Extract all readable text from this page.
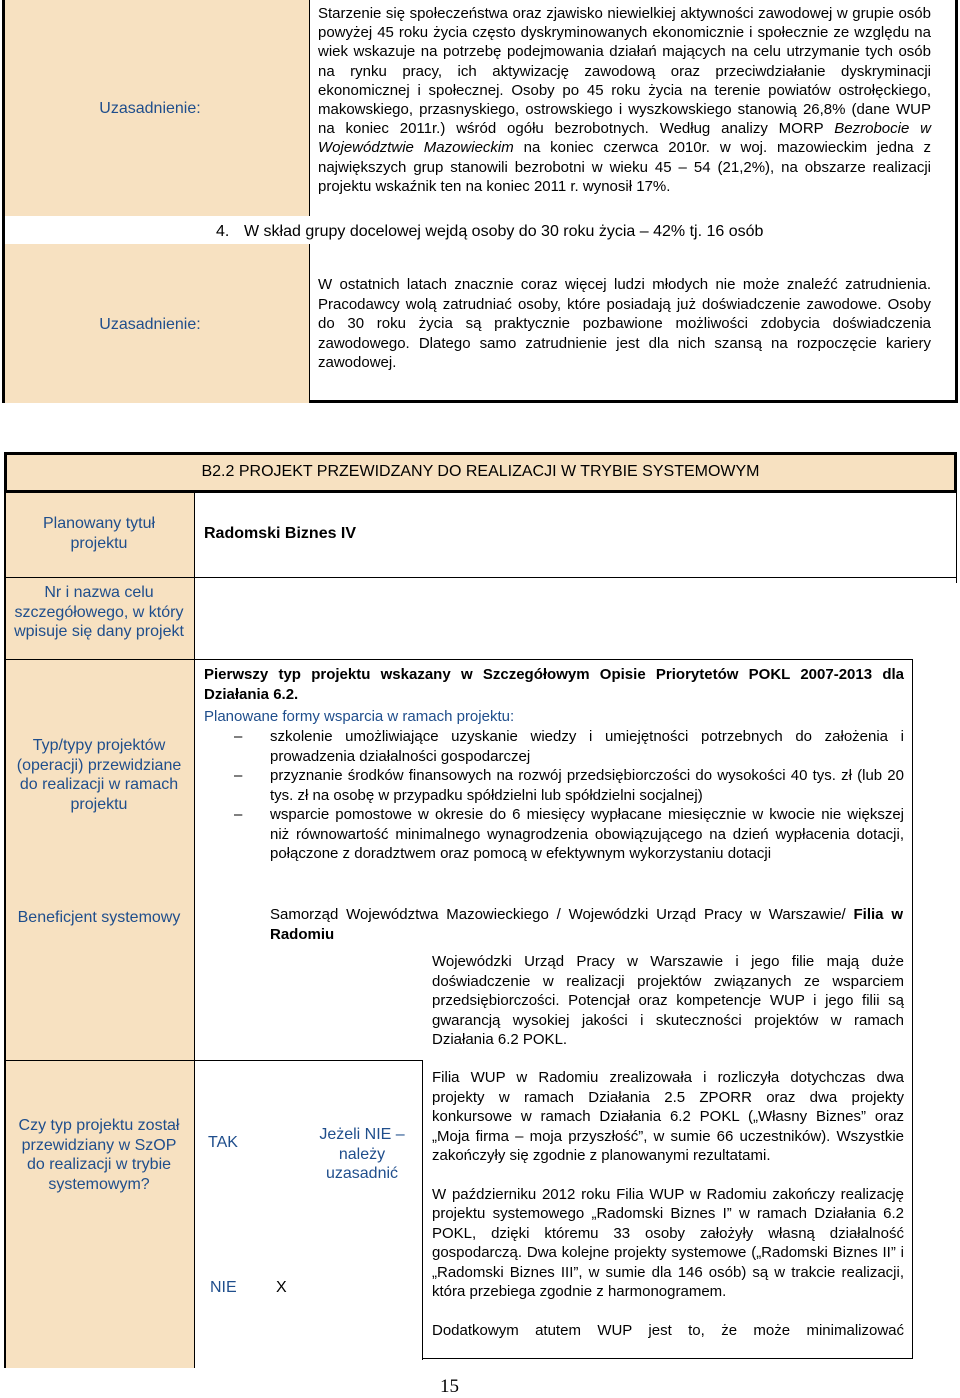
Uzasadnienie:
Starzenie się społeczeństwa oraz zjawisko niewielkiej aktywności zawodowej w grupie osób powyżej 45 roku życia często dyskryminowanych ekonomicznie i społecznie ze względu na wiek wskazuje na potrzebę podejmowania działań mających na celu utrzymanie tych osób na rynku pracy, ich aktywizację zawodową oraz przeciwdziałanie dyskryminacji ekonomicznej i społecznej. Osoby po 45 roku życia na terenie powiatów ostrołęckiego, makowskiego, przasnyskiego, ostrowskiego i wyszkowskiego stanowią 26,8% (dane WUP na koniec 2011r.) wśród ogółu bezrobotnych. Według analizy MORP Bezrobocie w Województwie Mazowieckim na koniec czerwca 2010r. w woj. mazowieckim jedna z największych grup stanowili bezrobotni w wieku 45 – 54 (21,2%), na obszarze realizacji projektu wskaźnik ten na koniec 2011 r. wynosił 17%.
4. W skład grupy docelowej wejdą osoby do 30 roku życia – 42% tj. 16 osób
Uzasadnienie:
W ostatnich latach znacznie coraz więcej ludzi młodych nie może znaleźć zatrudnienia. Pracodawcy wolą zatrudniać osoby, które posiadają już doświadczenie zawodowe. Osoby do 30 roku życia są praktycznie pozbawione możliwości zdobycia doświadczenia zawodowego. Dlatego samo zatrudnienie jest dla nich szansą na rozpoczęcie kariery zawodowej.
B2.2 PROJEKT PRZEWIDZANY DO REALIZACJI W TRYBIE SYSTEMOWYM
Planowany tytuł projektu
Radomski Biznes IV
Nr i nazwa celu szczegółowego, w który wpisuje się dany projekt
Typ/typy projektów (operacji) przewidziane do realizacji w ramach projektu
Beneficjent systemowy
Czy typ projektu został przewidziany w SzOP do realizacji w trybie systemowym?
Pierwszy typ projektu wskazany w Szczegółowym Opisie Priorytetów POKL 2007-2013 dla Działania 6.2.
Planowane formy wsparcia w ramach projektu:
– szkolenie umożliwiające uzyskanie wiedzy i umiejętności potrzebnych do założenia i prowadzenia działalności gospodarczej
– przyznanie środków finansowych na rozwój przedsiębiorczości do wysokości 40 tys. zł (lub 20 tys. zł na osobę w przypadku spółdzielni lub spółdzielni socjalnej)
– wsparcie pomostowe w okresie do 6 miesięcy wypłacane miesięcznie w kwocie nie większej niż równowartość minimalnego wynagrodzenia obowiązującego na dzień wypłacenia dotacji, połączone z doradztwem oraz pomocą w efektywnym wykorzystaniu dotacji
Samorząd Województwa Mazowieckiego / Wojewódzki Urząd Pracy w Warszawie/ Filia w Radomiu
Wojewódzki Urząd Pracy w Warszawie i jego filie mają duże doświadczenie w realizacji projektów związanych ze wsparciem przedsiębiorczości. Potencjał oraz kompetencje WUP i jego filii są gwarancją wysokiej jakości i skuteczności projektów w ramach Działania 6.2 POKL.
TAK
NIE X
Jeżeli NIE – należy uzasadnić
Filia WUP w Radomiu zrealizowała i rozliczyła dotychczas dwa projekty w ramach Działania 2.5 ZPORR oraz dwa projekty konkursowe w ramach Działania 6.2 POKL („Własny Biznes” oraz „Moja firma – moja przyszłość”, w sumie 66 uczestników). Wszystkie zakończyły się zgodnie z planowanymi rezultatami.
W październiku 2012 roku Filia WUP w Radomiu zakończy realizację projektu systemowego „Radomski Biznes I” w ramach Działania 6.2 POKL, dzięki któremu 33 osoby założyły własną działalność gospodarczą. Dwa kolejne projekty systemowe („Radomski Biznes II” i „Radomski Biznes III”, w sumie dla 146 osób) są w trakcie realizacji, która przebiega zgodnie z harmonogramem.
Dodatkowym atutem WUP jest to, że może minimalizować
15
